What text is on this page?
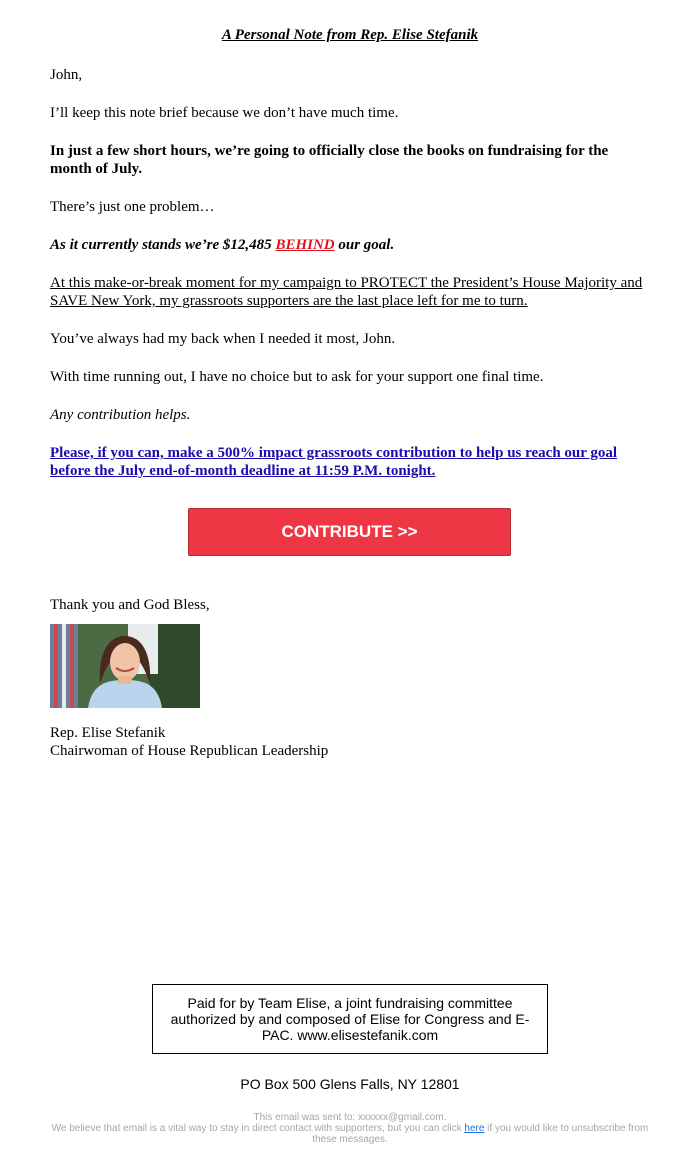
A Personal Note from Rep. Elise Stefanik

John,

I’ll keep this note brief because we don’t have much time.

In just a few short hours, we’re going to officially close the books on fundraising for the month of July.

There’s just one problem…

As it currently stands we’re $12,485 BEHIND our goal.

At this make-or-break moment for my campaign to PROTECT the President’s House Majority and SAVE New York, my grassroots supporters are the last place left for me to turn.

You’ve always had my back when I needed it most, John.

With time running out, I have no choice but to ask for your support one final time.

Any contribution helps.

Please, if you can, make a 500% impact grassroots contribution to help us reach our goal before the July end-of-month deadline at 11:59 P.M. tonight.

Thank you and God Bless,

CONTRIBUTE >>
Rep. Elise Stefanik
Chairwoman of House Republican Leadership
Paid for by Team Elise, a joint fundraising committee authorized by and composed of Elise for Congress and E-PAC. www.elisestefanik.com
PO Box 500 Glens Falls, NY 12801
This email was sent to: xxxxxx@gmail.com.
We believe that email is a vital way to stay in direct contact with supporters, but you can click here if you would like to unsubscribe from these messages.
